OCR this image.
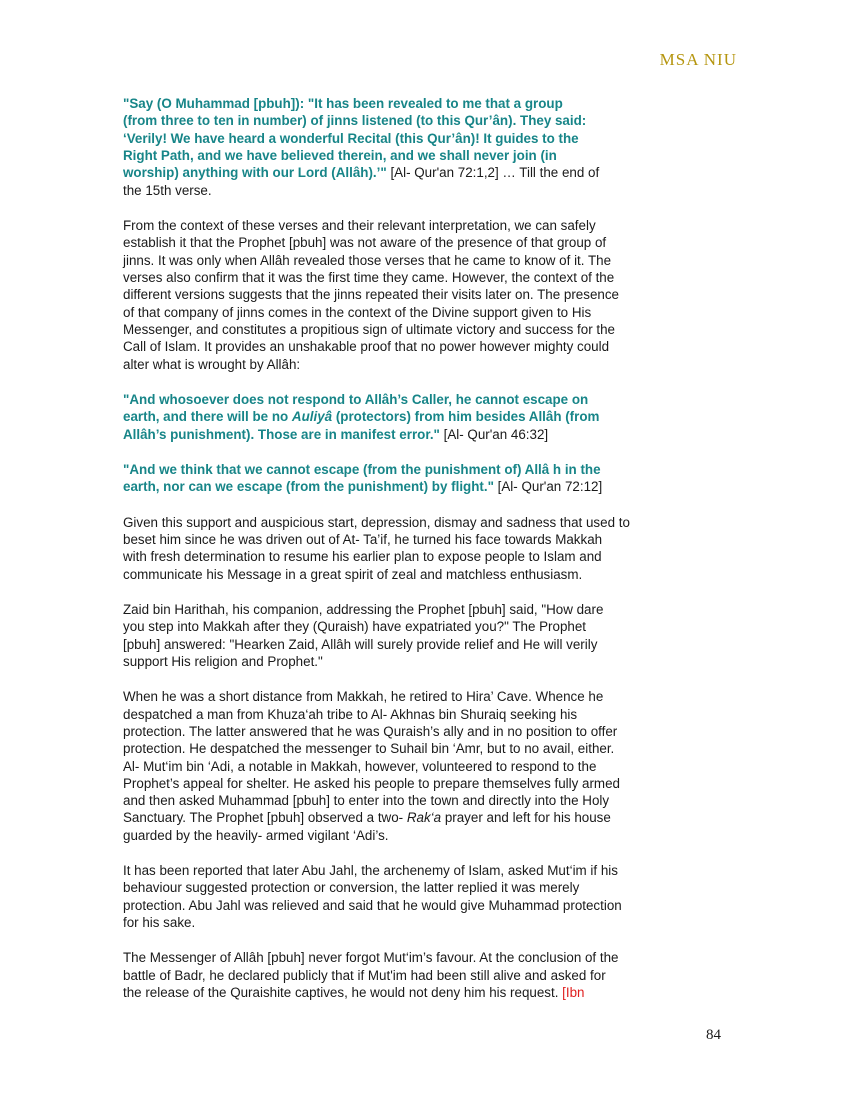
MSA NIU
"Say (O Muhammad [pbuh]): "It has been revealed to me that a group
(from three to ten in number) of jinns listened (to this Qur’ân). They said:
‘Verily! We have heard a wonderful Recital (this Qur’ân)! It guides to the
Right Path, and we have believed therein, and we shall never join (in
worship) anything with our Lord (Allâh).’" [Al- Qur'an 72:1,2] … Till the end of
the 15th verse.
From the context of these verses and their relevant interpretation, we can safely
establish it that the Prophet [pbuh] was not aware of the presence of that group of
jinns. It was only when Allâh revealed those verses that he came to know of it. The
verses also confirm that it was the first time they came. However, the context of the
different versions suggests that the jinns repeated their visits later on. The presence
of that company of jinns comes in the context of the Divine support given to His
Messenger, and constitutes a propitious sign of ultimate victory and success for the
Call of Islam. It provides an unshakable proof that no power however mighty could
alter what is wrought by Allâh:
"And whosoever does not respond to Allâh’s Caller, he cannot escape on
earth, and there will be no Auliyâ (protectors) from him besides Allâh (from
Allâh’s punishment). Those are in manifest error." [Al- Qur'an 46:32]
"And we think that we cannot escape (from the punishment of) Allâ h in the
earth, nor can we escape (from the punishment) by flight." [Al- Qur'an 72:12]
Given this support and auspicious start, depression, dismay and sadness that used to
beset him since he was driven out of At- Ta’if, he turned his face towards Makkah
with fresh determination to resume his earlier plan to expose people to Islam and
communicate his Message in a great spirit of zeal and matchless enthusiasm.
Zaid bin Harithah, his companion, addressing the Prophet [pbuh] said, "How dare
you step into Makkah after they (Quraish) have expatriated you?" The Prophet
[pbuh] answered: "Hearken Zaid, Allâh will surely provide relief and He will verily
support His religion and Prophet."
When he was a short distance from Makkah, he retired to Hira’ Cave. Whence he
despatched a man from Khuza‘ah tribe to Al- Akhnas bin Shuraiq seeking his
protection. The latter answered that he was Quraish’s ally and in no position to offer
protection. He despatched the messenger to Suhail bin ‘Amr, but to no avail, either.
Al- Mut‘im bin ‘Adi, a notable in Makkah, however, volunteered to respond to the
Prophet’s appeal for shelter. He asked his people to prepare themselves fully armed
and then asked Muhammad [pbuh] to enter into the town and directly into the Holy
Sanctuary. The Prophet [pbuh] observed a two- Rak‘a prayer and left for his house
guarded by the heavily- armed vigilant ‘Adi’s.
It has been reported that later Abu Jahl, the archenemy of Islam, asked Mut‘im if his
behaviour suggested protection or conversion, the latter replied it was merely
protection. Abu Jahl was relieved and said that he would give Muhammad protection
for his sake.
The Messenger of Allâh [pbuh] never forgot Mut‘im’s favour. At the conclusion of the
battle of Badr, he declared publicly that if Mut'im had been still alive and asked for
the release of the Quraishite captives, he would not deny him his request. [Ibn
84
